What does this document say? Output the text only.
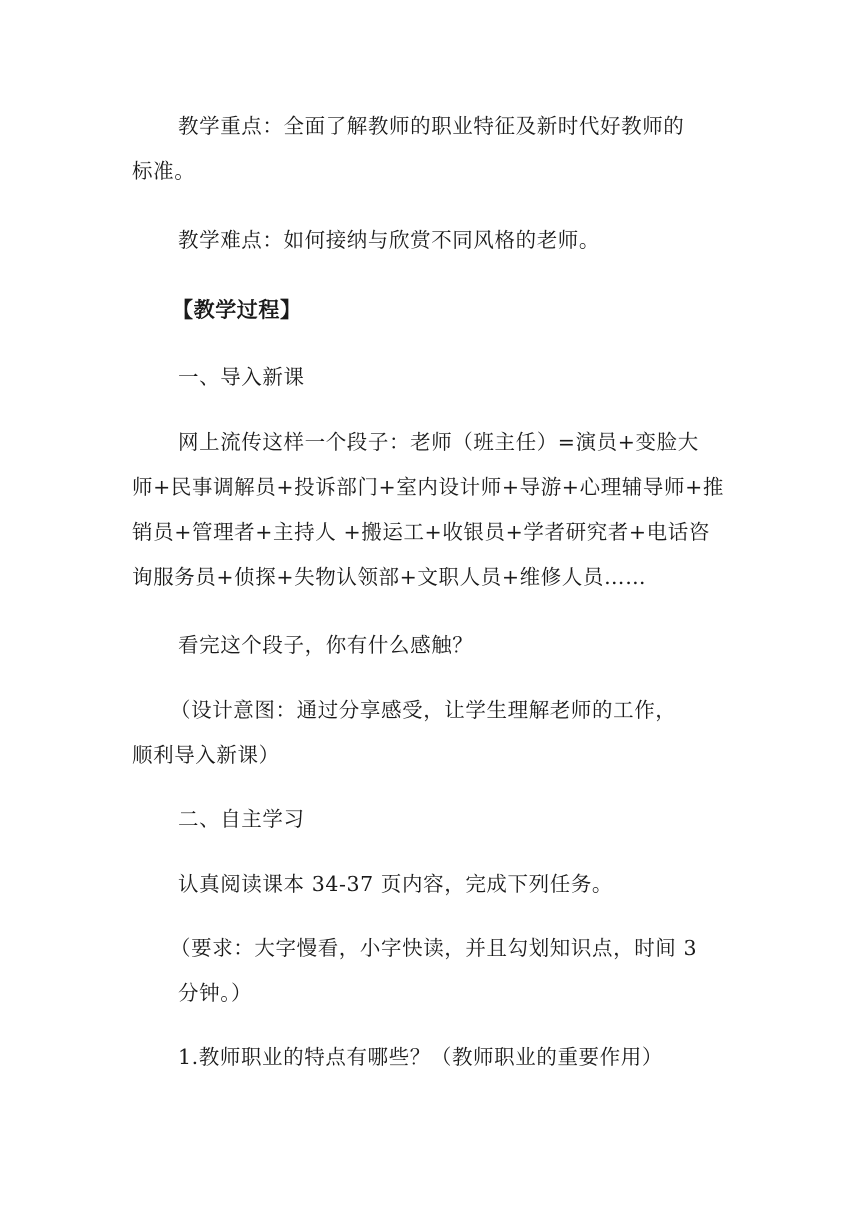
教学重点：全面了解教师的职业特征及新时代好教师的
标准。

教学难点：如何接纳与欣赏不同风格的老师。

【教学过程】

一、导入新课

网上流传这样一个段子：老师（班主任）=演员+变脸大
师+民事调解员+投诉部门+室内设计师+导游+心理辅导师+推
销员+管理者+主持人 +搬运工+收银员+学者研究者+电话咨
询服务员+侦探+失物认领部+文职人员+维修人员……

看完这个段子，你有什么感触？

（设计意图：通过分享感受，让学生理解老师的工作，
顺利导入新课）

二、自主学习

认真阅读课本 34-37 页内容，完成下列任务。

（要求：大字慢看，小字快读，并且勾划知识点，时间 3
分钟。）

1.教师职业的特点有哪些？（教师职业的重要作用）
